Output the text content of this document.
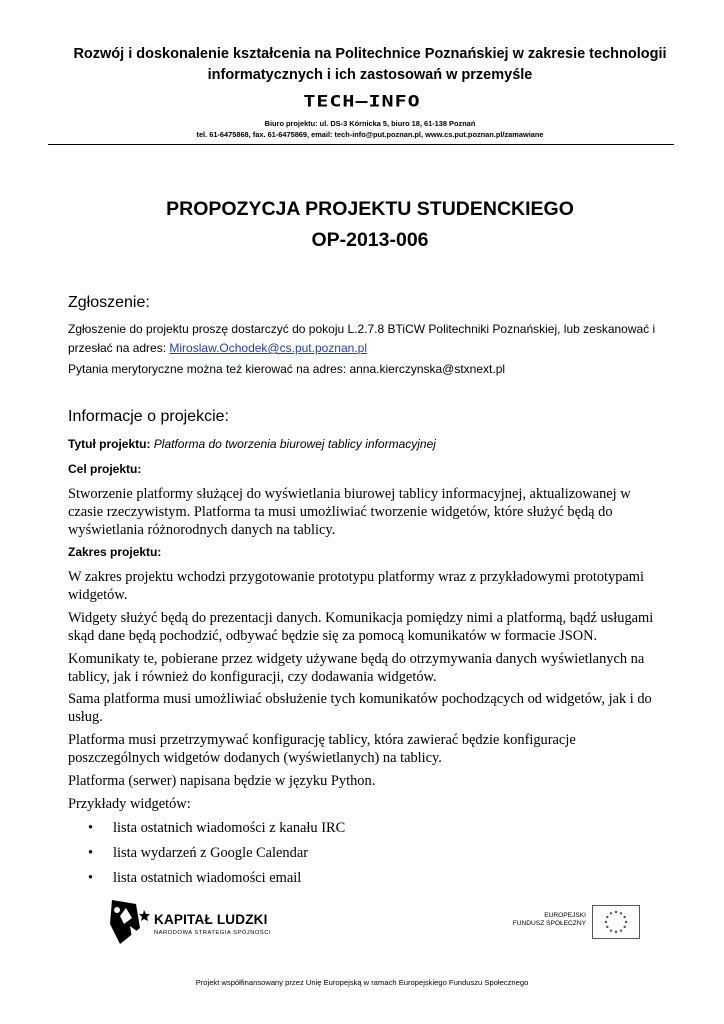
Rozwój i doskonalenie kształcenia na Politechnice Poznańskiej w zakresie technologii
informatycznych i ich zastosowań w przemyśle
TECH–INFO
Biuro projektu: ul. DS-3 Kórnicka 5, biuro 18, 61-138 Poznań
tel. 61-6475868, fax. 61-6475869, email: tech-info@put.poznan.pl, www.cs.put.poznan.pl/zamawiane
PROPOZYCJA PROJEKTU STUDENCKIEGO
OP-2013-006
Zgłoszenie:
Zgłoszenie do projektu proszę dostarczyć do pokoju L.2.7.8 BTiCW Politechniki Poznańskiej, lub zeskanować i
przesłać na adres: Miroslaw.Ochodek@cs.put.poznan.pl
Pytania merytoryczne można też kierować na adres: anna.kierczynska@stxnext.pl
Informacje o projekcie:
Tytuł projektu: Platforma do tworzenia biurowej tablicy informacyjnej
Cel projektu:
Stworzenie platformy służącej do wyświetlania biurowej tablicy informacyjnej, aktualizowanej w
czasie rzeczywistym. Platforma ta musi umożliwiać tworzenie widgetów, które służyć będą do
wyświetlania różnorodnych danych na tablicy.
Zakres projektu:
W zakres projektu wchodzi przygotowanie prototypu platformy wraz z przykładowymi prototypami
widgetów.
Widgety służyć będą do prezentacji danych. Komunikacja pomiędzy nimi a platformą, bądź usługami
skąd dane będą pochodzić, odbywać będzie się za pomocą komunikatów w formacie JSON.
Komunikaty te, pobierane przez widgety używane będą do otrzymywania danych wyświetlanych na
tablicy, jak i również do konfiguracji, czy dodawania widgetów.
Sama platforma musi umożliwiać obsłużenie tych komunikatów pochodzących od widgetów, jak i do
usług.
Platforma musi przetrzymywać konfigurację tablicy, która zawierać będzie konfiguracje
poszczególnych widgetów dodanych (wyświetlanych) na tablicy.
Platforma (serwer) napisana będzie w języku Python.
Przykłady widgetów:
• lista ostatnich wiadomości z kanału IRC
• lista wydarzeń z Google Calendar
• lista ostatnich wiadomości email
KAPITAŁ LUDZKI
NARODOWA STRATEGIA SPÓJNOŚCI
EUROPEJSKI
FUNDUSZ SPOŁECZNY
Projekt współfinansowany przez Unię Europejską w ramach Europejskiego Funduszu Społecznego
